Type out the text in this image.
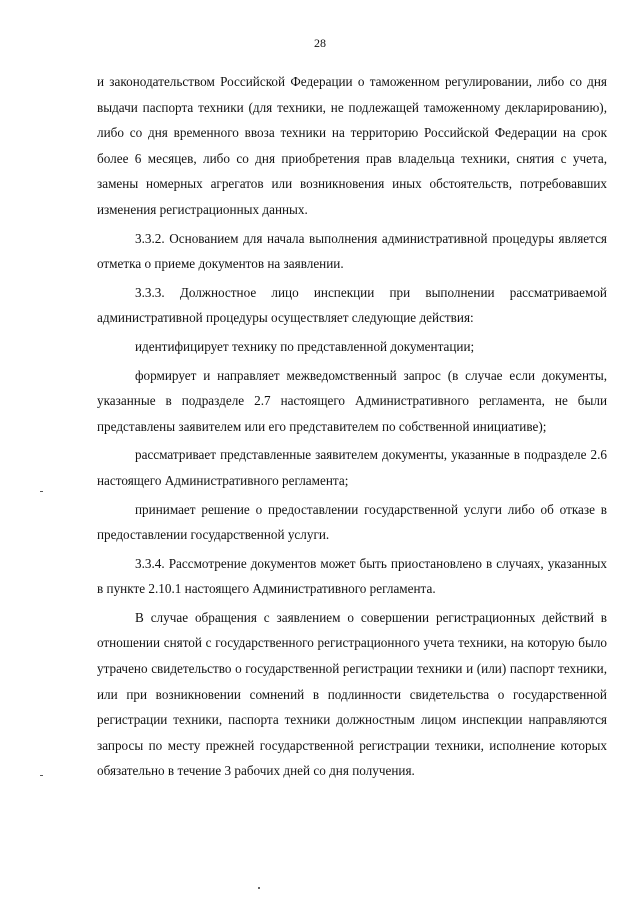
28

и законодательством Российской Федерации о таможенном регулировании, либо со дня выдачи паспорта техники (для техники, не подлежащей таможенному декларированию), либо со дня временного ввоза техники на территорию Российской Федерации на срок более 6 месяцев, либо со дня приобретения прав владельца техники, снятия с учета, замены номерных агрегатов или возникновения иных обстоятельств, потребовавших изменения регистрационных данных.

3.3.2. Основанием для начала выполнения административной процедуры является отметка о приеме документов на заявлении.

3.3.3. Должностное лицо инспекции при выполнении рассматриваемой административной процедуры осуществляет следующие действия:

идентифицирует технику по представленной документации;

формирует и направляет межведомственный запрос (в случае если документы, указанные в подразделе 2.7 настоящего Административного регламента, не были представлены заявителем или его представителем по собственной инициативе);

рассматривает представленные заявителем документы, указанные в подразделе 2.6 настоящего Административного регламента;

принимает решение о предоставлении государственной услуги либо об отказе в предоставлении государственной услуги.

3.3.4. Рассмотрение документов может быть приостановлено в случаях, указанных в пункте 2.10.1 настоящего Административного регламента.

В случае обращения с заявлением о совершении регистрационных действий в отношении снятой с государственного регистрационного учета техники, на которую было утрачено свидетельство о государственной регистрации техники и (или) паспорт техники, или при возникновении сомнений в подлинности свидетельства о государственной регистрации техники, паспорта техники должностным лицом инспекции направляются запросы по месту прежней государственной регистрации техники, исполнение которых обязательно в течение 3 рабочих дней со дня получения.
